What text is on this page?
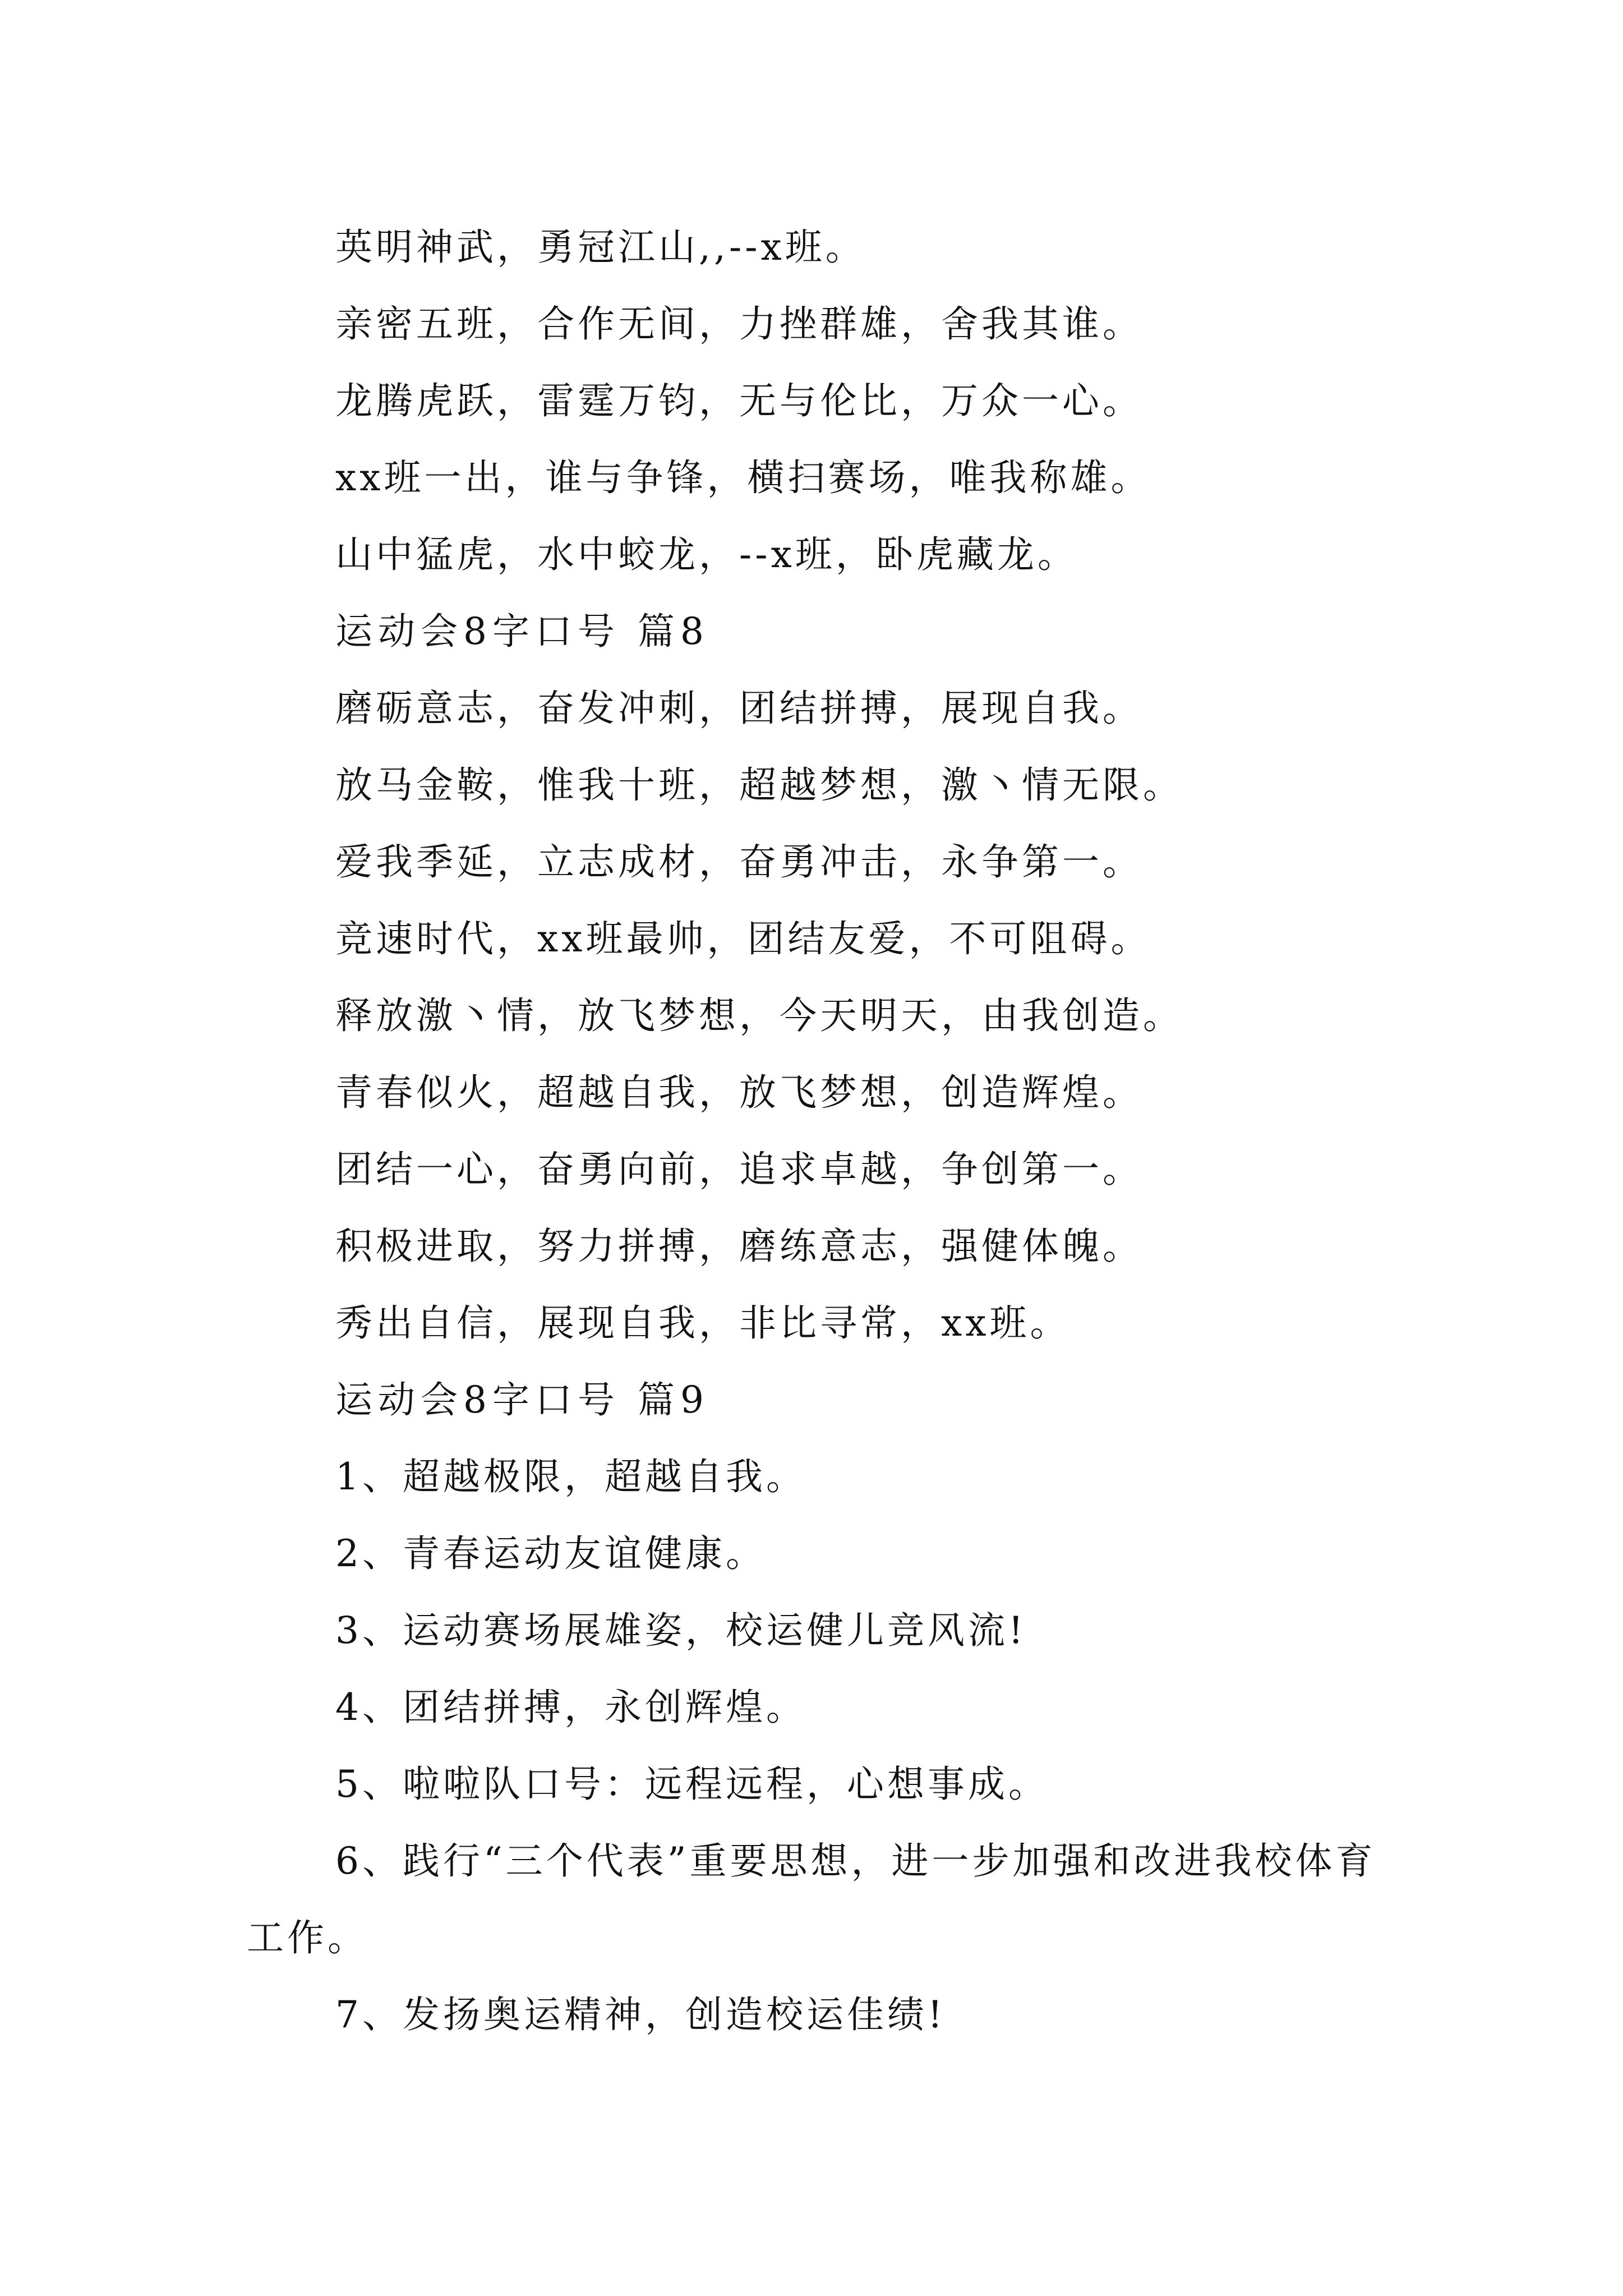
英明神武，勇冠江山,,--x班。
亲密五班，合作无间，力挫群雄，舍我其谁。
龙腾虎跃，雷霆万钧，无与伦比，万众一心。
xx班一出，谁与争锋，横扫赛场，唯我称雄。
山中猛虎，水中蛟龙，--x班，卧虎藏龙。
运动会8字口号 篇8
磨砺意志，奋发冲刺，团结拼搏，展现自我。
放马金鞍，惟我十班，超越梦想，激丶情无限。
爱我季延，立志成材，奋勇冲击，永争第一。
竞速时代，xx班最帅，团结友爱，不可阻碍。
释放激丶情，放飞梦想，今天明天，由我创造。
青春似火，超越自我，放飞梦想，创造辉煌。
团结一心，奋勇向前，追求卓越，争创第一。
积极进取，努力拼搏，磨练意志，强健体魄。
秀出自信，展现自我，非比寻常，xx班。
运动会8字口号 篇9
1、超越极限，超越自我。
2、青春运动友谊健康。
3、运动赛场展雄姿，校运健儿竞风流!
4、团结拼搏，永创辉煌。
5、啦啦队口号：远程远程，心想事成。
6、践行“三个代表”重要思想，进一步加强和改进我校体育工作。
7、发扬奥运精神，创造校运佳绩!
